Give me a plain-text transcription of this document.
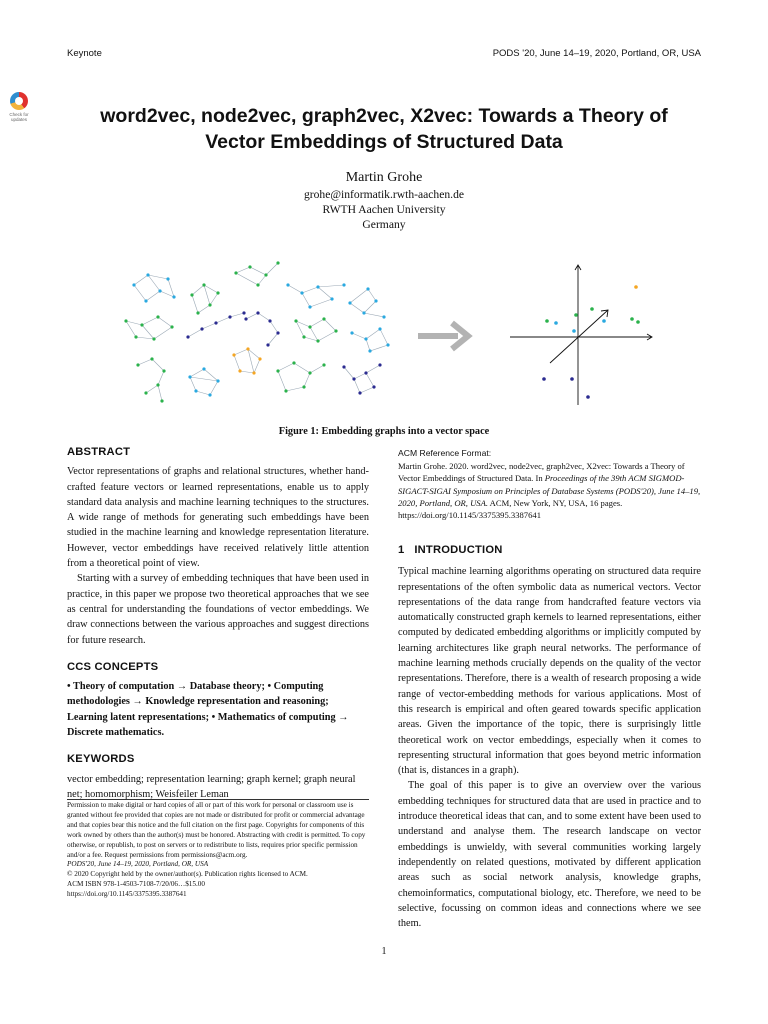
Keynote	PODS '20, June 14–19, 2020, Portland, OR, USA
Check for
updates	word2vec, node2vec, graph2vec, X2vec: Towards a Theory of
Vector Embeddings of Structured Data
Martin Grohe
grohe@informatik.rwth-aachen.de
RWTH Aachen University
Germany
Figure 1: Embedding graphs into a vector space
ABSTRACT

Vector representations of graphs and relational structures, whether hand-crafted feature vectors or learned representations, enable us to apply standard data analysis and machine learning techniques to the structures. A wide range of methods for generating such embeddings have been studied in the machine learning and knowledge representation literature. However, vector embeddings have received relatively little attention from a theoretical point of view.

Starting with a survey of embedding techniques that have been used in practice, in this paper we propose two theoretical approaches that we see as central for understanding the foundations of vector embeddings. We draw connections between the various approaches and suggest directions for future research.

CCS CONCEPTS

• Theory of computation → Database theory; • Computing methodologies → Knowledge representation and reasoning; Learning latent representations; • Mathematics of computing → Discrete mathematics.

KEYWORDS

vector embedding; representation learning; graph kernel; graph neural net; homomorphism; Weisfeiler Leman

Permission to make digital or hard copies of all or part of this work for personal or classroom use is granted without fee provided that copies are not made or distributed for profit or commercial advantage and that copies bear this notice and the full citation on the first page. Copyrights for components of this work owned by others than the author(s) must be honored. Abstracting with credit is permitted. To copy otherwise, or republish, to post on servers or to redistribute to lists, requires prior specific permission and/or a fee. Request permissions from permissions@acm.org.
PODS'20, June 14–19, 2020, Portland, OR, USA
© 2020 Copyright held by the owner/author(s). Publication rights licensed to ACM.
ACM ISBN 978-1-4503-7108-7/20/06…$15.00
https://doi.org/10.1145/3375395.3387641
ACM Reference Format:

Martin Grohe. 2020. word2vec, node2vec, graph2vec, X2vec: Towards a Theory of Vector Embeddings of Structured Data. In Proceedings of the 39th ACM SIGMOD-SIGACT-SIGAI Symposium on Principles of Database Systems (PODS'20), June 14–19, 2020, Portland, OR, USA. ACM, New York, NY, USA, 16 pages. https://doi.org/10.1145/3375395.3387641

1   INTRODUCTION

Typical machine learning algorithms operating on structured data require representations of the often symbolic data as numerical vectors. Vector representations of the data range from handcrafted feature vectors via automatically constructed graph kernels to learned representations, either computed by dedicated embedding algorithms or implicitly computed by learning architectures like graph neural networks. The performance of machine learning methods crucially depends on the quality of the vector representations. Therefore, there is a wealth of research proposing a wide range of vector-embedding methods for various applications. Most of this research is empirical and often geared towards specific application areas. Given the importance of the topic, there is surprisingly little theoretical work on vector embeddings, especially when it comes to representing structural information that goes beyond metric information (that is, distances in a graph).

The goal of this paper is to give an overview over the various embedding techniques for structured data that are used in practice and to introduce theoretical ideas that can, and to some extent have been used to understand and analyse them. The research landscape on vector embeddings is unwieldy, with several communities working largely independently on related questions, motivated by different application areas such as social network analysis, knowledge graphs, chemoinformatics, computational biology, etc. Therefore, we need to be selective, focussing on common ideas and connections where we see them.

1
